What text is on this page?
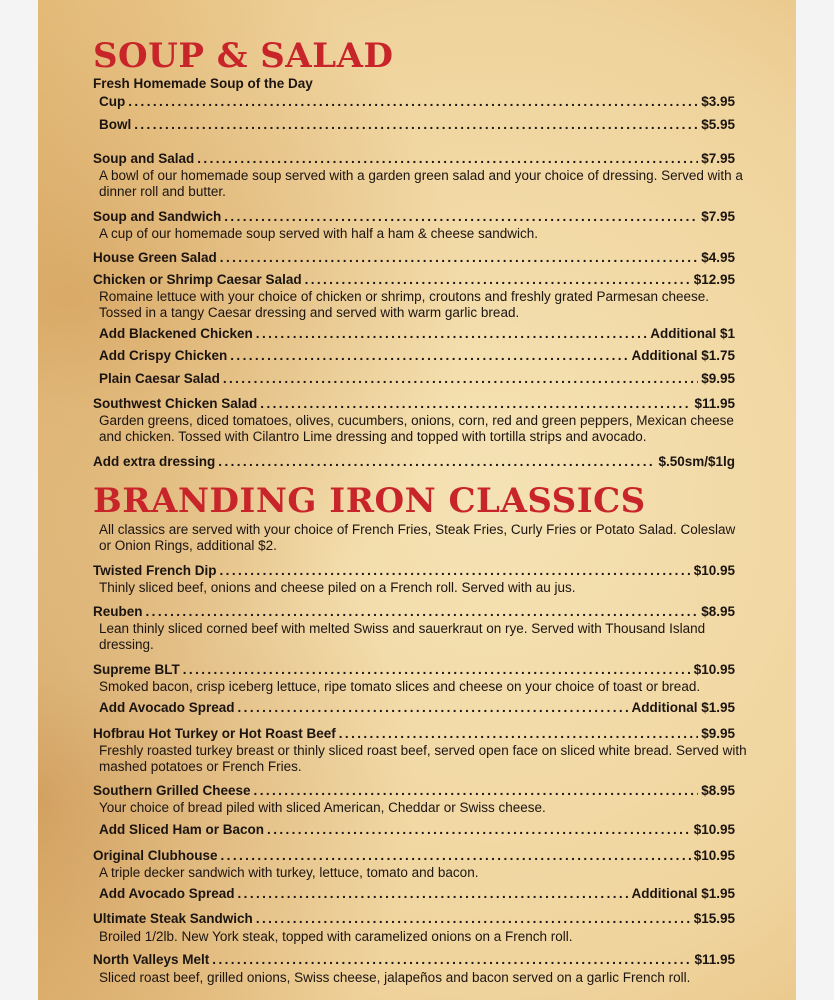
SOUP & SALAD
Fresh Homemade Soup of the Day
Cup .....	$3.95
Bowl .....	$5.95
Soup and Salad .....	$7.95
A bowl of our homemade soup served with a garden green salad and your choice of dressing. Served with a dinner roll and butter.
Soup and Sandwich .....	$7.95
A cup of our homemade soup served with half a ham & cheese sandwich.
House Green Salad .....	$4.95
Chicken or Shrimp Caesar Salad .....	$12.95
Romaine lettuce with your choice of chicken or shrimp, croutons and freshly grated Parmesan cheese. Tossed in a tangy Caesar dressing and served with warm garlic bread.
Add Blackened Chicken .....	Additional $1
Add Crispy Chicken .....	Additional $1.75
Plain Caesar Salad .....	$9.95
Southwest Chicken Salad .....	$11.95
Garden greens, diced tomatoes, olives, cucumbers, onions, corn, red and green peppers, Mexican cheese and chicken. Tossed with Cilantro Lime dressing and topped with tortilla strips and avocado.
Add extra dressing .....	$.50sm/$1lg
BRANDING IRON CLASSICS
All classics are served with your choice of French Fries, Steak Fries, Curly Fries or Potato Salad. Coleslaw or Onion Rings, additional $2.
Twisted French Dip .....	$10.95
Thinly sliced beef, onions and cheese piled on a French roll. Served with au jus.
Reuben .....	$8.95
Lean thinly sliced corned beef with melted Swiss and sauerkraut on rye. Served with Thousand Island dressing.
Supreme BLT .....	$10.95
Smoked bacon, crisp iceberg lettuce, ripe tomato slices and cheese on your choice of toast or bread.
Add Avocado Spread .....	Additional $1.95
Hofbrau Hot Turkey or Hot Roast Beef .....	$9.95
Freshly roasted turkey breast or thinly sliced roast beef, served open face on sliced white bread. Served with mashed potatoes or French Fries.
Southern Grilled Cheese .....	$8.95
Your choice of bread piled with sliced American, Cheddar or Swiss cheese.
Add Sliced Ham or Bacon .....	$10.95
Original Clubhouse .....	$10.95
A triple decker sandwich with turkey, lettuce, tomato and bacon.
Add Avocado Spread .....	Additional $1.95
Ultimate Steak Sandwich .....	$15.95
Broiled 1/2lb. New York steak, topped with caramelized onions on a French roll.
North Valleys Melt .....	$11.95
Sliced roast beef, grilled onions, Swiss cheese, jalapeños and bacon served on a garlic French roll.
